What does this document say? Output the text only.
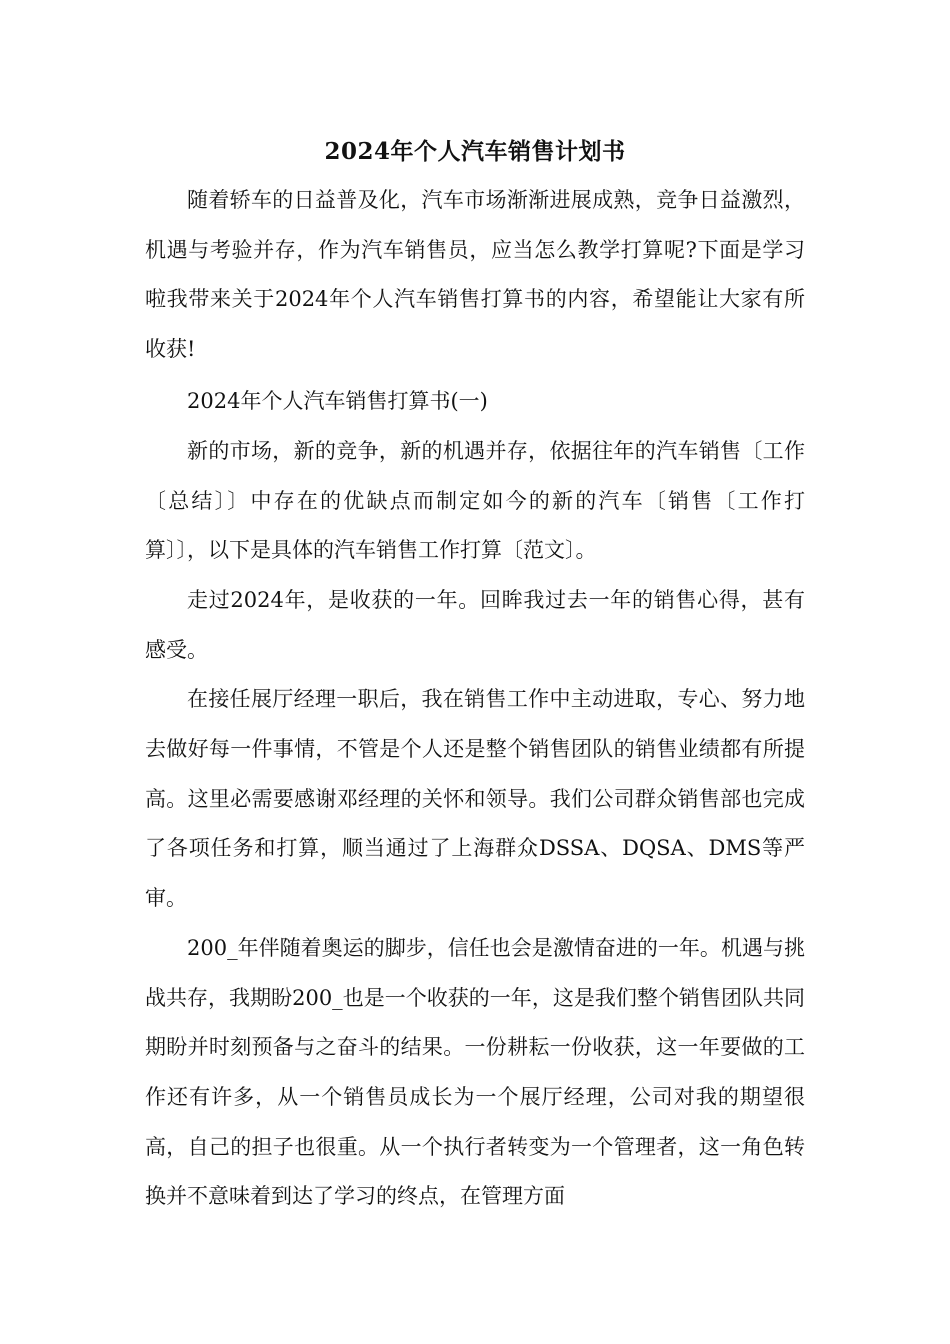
2024年个人汽车销售计划书

随着轿车的日益普及化，汽车市场渐渐进展成熟，竞争日益激烈，机遇与考验并存，作为汽车销售员，应当怎么教学打算呢?下面是学习啦我带来关于2024年个人汽车销售打算书的内容，希望能让大家有所收获!

2024年个人汽车销售打算书(一)

新的市场，新的竞争，新的机遇并存，依据往年的汽车销售〔工作〔总结〕〕中存在的优缺点而制定如今的新的汽车〔销售〔工作打算〕〕，以下是具体的汽车销售工作打算〔范文〕。

走过2024年，是收获的一年。回眸我过去一年的销售心得，甚有感受。

在接任展厅经理一职后，我在销售工作中主动进取，专心、努力地去做好每一件事情，不管是个人还是整个销售团队的销售业绩都有所提高。这里必需要感谢邓经理的关怀和领导。我们公司群众销售部也完成了各项任务和打算，顺当通过了上海群众DSSA、DQSA、DMS等严审。

200_年伴随着奥运的脚步，信任也会是激情奋进的一年。机遇与挑战共存，我期盼200_也是一个收获的一年，这是我们整个销售团队共同期盼并时刻预备与之奋斗的结果。一份耕耘一份收获，这一年要做的工作还有许多，从一个销售员成长为一个展厅经理，公司对我的期望很高，自己的担子也很重。从一个执行者转变为一个管理者，这一角色转换并不意味着到达了学习的终点，在管理方面
